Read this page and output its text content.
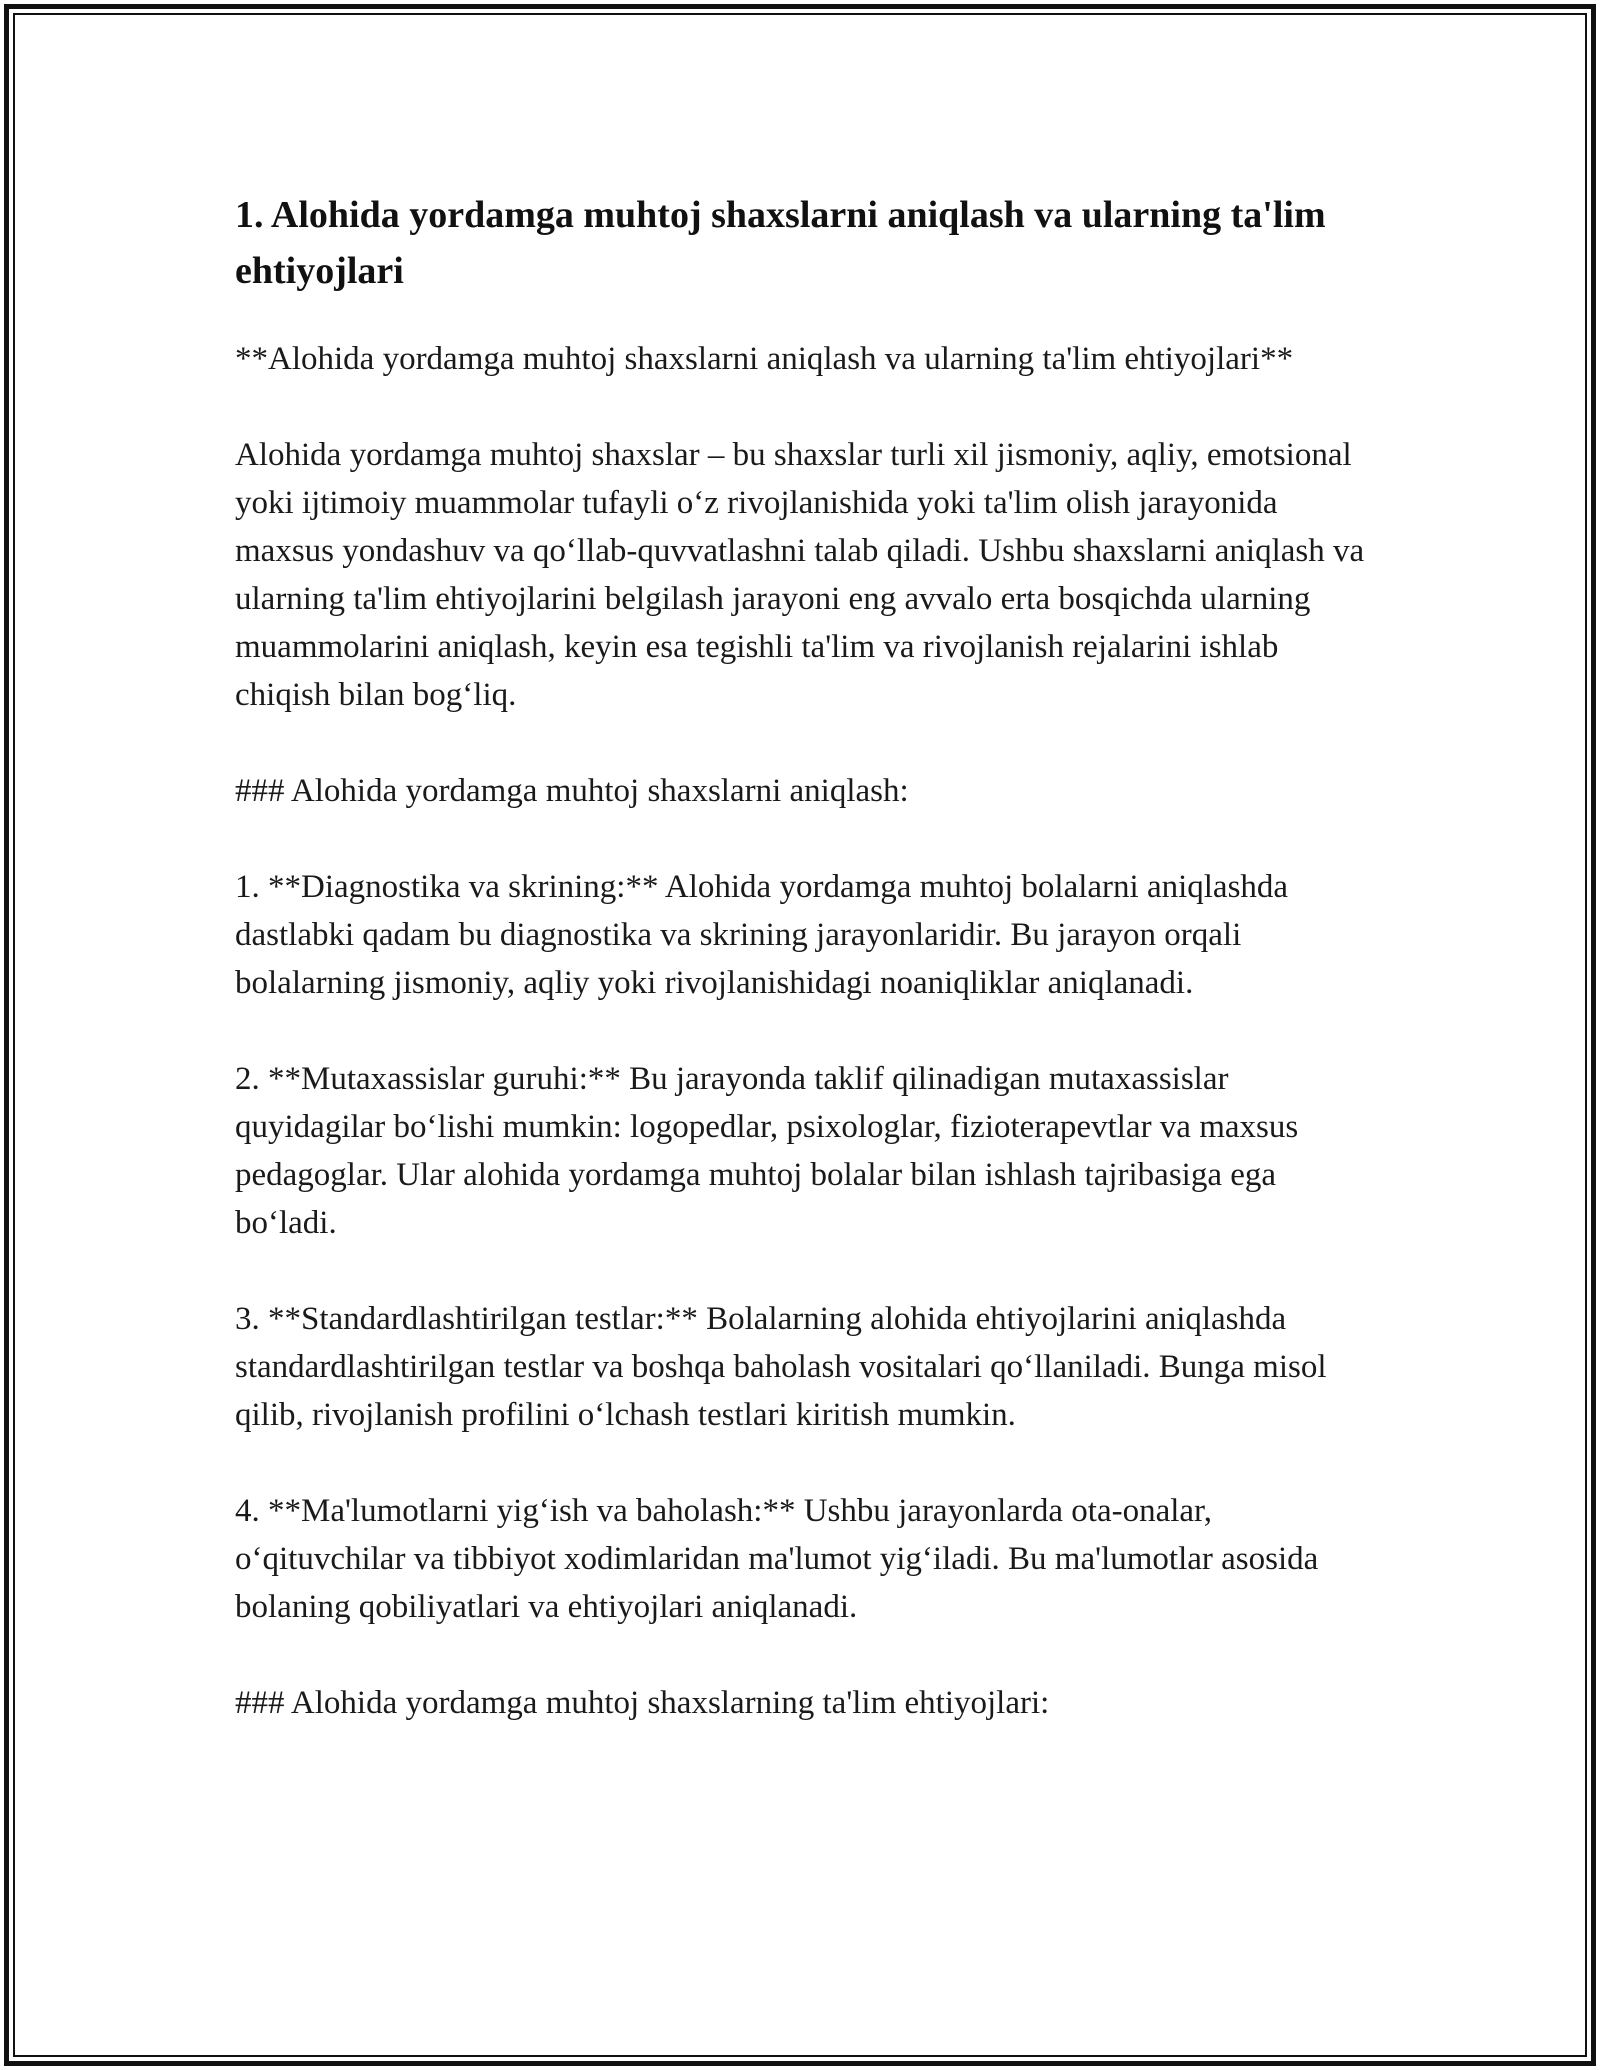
1. Alohida yordamga muhtoj shaxslarni aniqlash va ularning ta'lim ehtiyojlari

**Alohida yordamga muhtoj shaxslarni aniqlash va ularning ta'lim ehtiyojlari**

Alohida yordamga muhtoj shaxslar – bu shaxslar turli xil jismoniy, aqliy, emotsional yoki ijtimoiy muammolar tufayli oʻz rivojlanishida yoki ta'lim olish jarayonida maxsus yondashuv va qoʻllab-quvvatlashni talab qiladi. Ushbu shaxslarni aniqlash va ularning ta'lim ehtiyojlarini belgilash jarayoni eng avvalo erta bosqichda ularning muammolarini aniqlash, keyin esa tegishli ta'lim va rivojlanish rejalarini ishlab chiqish bilan bogʻliq.

### Alohida yordamga muhtoj shaxslarni aniqlash:

1. **Diagnostika va skrining:** Alohida yordamga muhtoj bolalarni aniqlashda dastlabki qadam bu diagnostika va skrining jarayonlaridir. Bu jarayon orqali bolalarning jismoniy, aqliy yoki rivojlanishidagi noaniqliklar aniqlanadi.

2. **Mutaxassislar guruhi:** Bu jarayonda taklif qilinadigan mutaxassislar quyidagilar boʻlishi mumkin: logopedlar, psixologlar, fizioterapevtlar va maxsus pedagoglar. Ular alohida yordamga muhtoj bolalar bilan ishlash tajribasiga ega boʻladi.

3. **Standardlashtirilgan testlar:** Bolalarning alohida ehtiyojlarini aniqlashda standardlashtirilgan testlar va boshqa baholash vositalari qoʻllaniladi. Bunga misol qilib, rivojlanish profilini oʻlchash testlari kiritish mumkin.

4. **Ma'lumotlarni yigʻish va baholash:** Ushbu jarayonlarda ota-onalar, oʻqituvchilar va tibbiyot xodimlaridan ma'lumot yigʻiladi. Bu ma'lumotlar asosida bolaning qobiliyatlari va ehtiyojlari aniqlanadi.

### Alohida yordamga muhtoj shaxslarning ta'lim ehtiyojlari:
